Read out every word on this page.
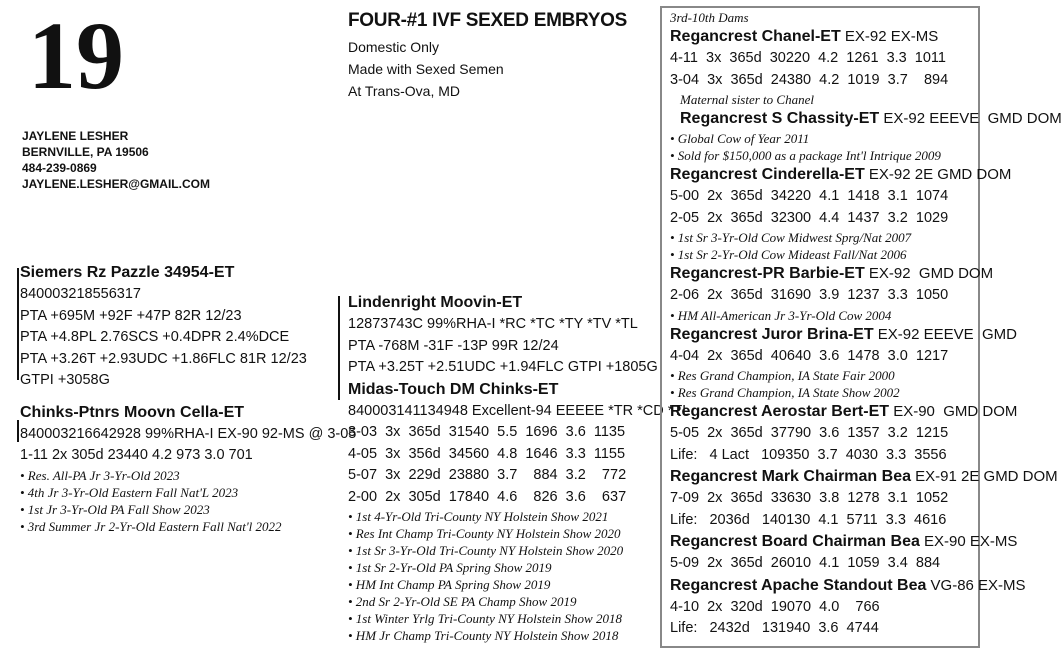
19
JAYLENE LESHER
BERNVILLE, PA 19506
484-239-0869
JAYLENE.LESHER@GMAIL.COM
FOUR-#1 IVF SEXED EMBRYOS
Domestic Only
Made with Sexed Semen
At Trans-Ova, MD
Siemers Rz Pazzle 34954-ET
840003218556317
PTA +695M +92F +47P 82R 12/23
PTA +4.8PL 2.76SCS +0.4DPR 2.4%DCE
PTA +3.26T +2.93UDC +1.86FLC 81R 12/23
GTPI +3058G
Chinks-Ptnrs Moovn Cella-ET
840003216642928 99%RHA-I EX-90 92-MS @ 3-05
1-11 2x 305d 23440 4.2 973 3.0 701
• Res. All-PA Jr 3-Yr-Old 2023
• 4th Jr 3-Yr-Old Eastern Fall Nat'L 2023
• 1st Jr 3-Yr-Old PA Fall Show 2023
• 3rd Summer Jr 2-Yr-Old Eastern Fall Nat'l 2022
Lindenright Moovin-ET
12873743C 99%RHA-I *RC *TC *TY *TV *TL
PTA -768M -31F -13P 99R 12/24
PTA +3.25T +2.51UDC +1.94FLC GTPI +1805G
Midas-Touch DM Chinks-ET
840003141134948 Excellent-94 EEEEE *TR *CD *TL
3-03  3x  365d  31540  5.5  1696  3.6  1135
4-05  3x  356d  34560  4.8  1646  3.3  1155
5-07  3x  229d  23880  3.7    884  3.2    772
2-00  2x  305d  17840  4.6    826  3.6    637
• 1st 4-Yr-Old Tri-County NY Holstein Show 2021
• Res Int Champ Tri-County NY Holstein Show 2020
• 1st Sr 3-Yr-Old Tri-County NY Holstein Show 2020
• 1st Sr 2-Yr-Old PA Spring Show 2019
• HM Int Champ PA Spring Show 2019
• 2nd Sr 2-Yr-Old SE PA Champ Show 2019
• 1st Winter Yrlg Tri-County NY Holstein Show 2018
• HM Jr Champ Tri-County NY Holstein Show 2018
3rd-10th Dams
Regancrest Chanel-ET EX-92 EX-MS
4-11  3x  365d  30220  4.2  1261  3.3  1011
3-04  3x  365d  24380  4.2  1019  3.7    894
Maternal sister to Chanel
Regancrest S Chassity-ET EX-92 EEEVE  GMD DOM
• Global Cow of Year 2011
• Sold for $150,000 as a package Int'l Intrique 2009
Regancrest Cinderella-ET EX-92 2E GMD DOM
5-00  2x  365d  34220  4.1  1418  3.1  1074
2-05  2x  365d  32300  4.4  1437  3.2  1029
• 1st Sr 3-Yr-Old Cow Midwest Sprg/Nat 2007
• 1st Sr 2-Yr-Old Cow Mideast Fall/Nat 2006
Regancrest-PR Barbie-ET EX-92  GMD DOM
2-06  2x  365d  31690  3.9  1237  3.3  1050
• HM All-American Jr 3-Yr-Old Cow 2004
Regancrest Juror Brina-ET EX-92 EEEVE  GMD
4-04  2x  365d  40640  3.6  1478  3.0  1217
• Res Grand Champion, IA State Fair 2000
• Res Grand Champion, IA State Show 2002
Regancrest Aerostar Bert-ET EX-90  GMD DOM
5-05  2x  365d  37790  3.6  1357  3.2  1215
Life:   4 Lact   109350  3.7  4030  3.3  3556
Regancrest Mark Chairman Bea EX-91 2E GMD DOM
7-09  2x  365d  33630  3.8  1278  3.1  1052
Life:   2036d   140130  4.1  5711  3.3  4616
Regancrest Board Chairman Bea EX-90 EX-MS
5-09  2x  365d  26010  4.1  1059  3.4  884
Regancrest Apache Standout Bea VG-86 EX-MS
4-10  2x  320d  19070  4.0    766
Life:   2432d   131940  3.6  4744
